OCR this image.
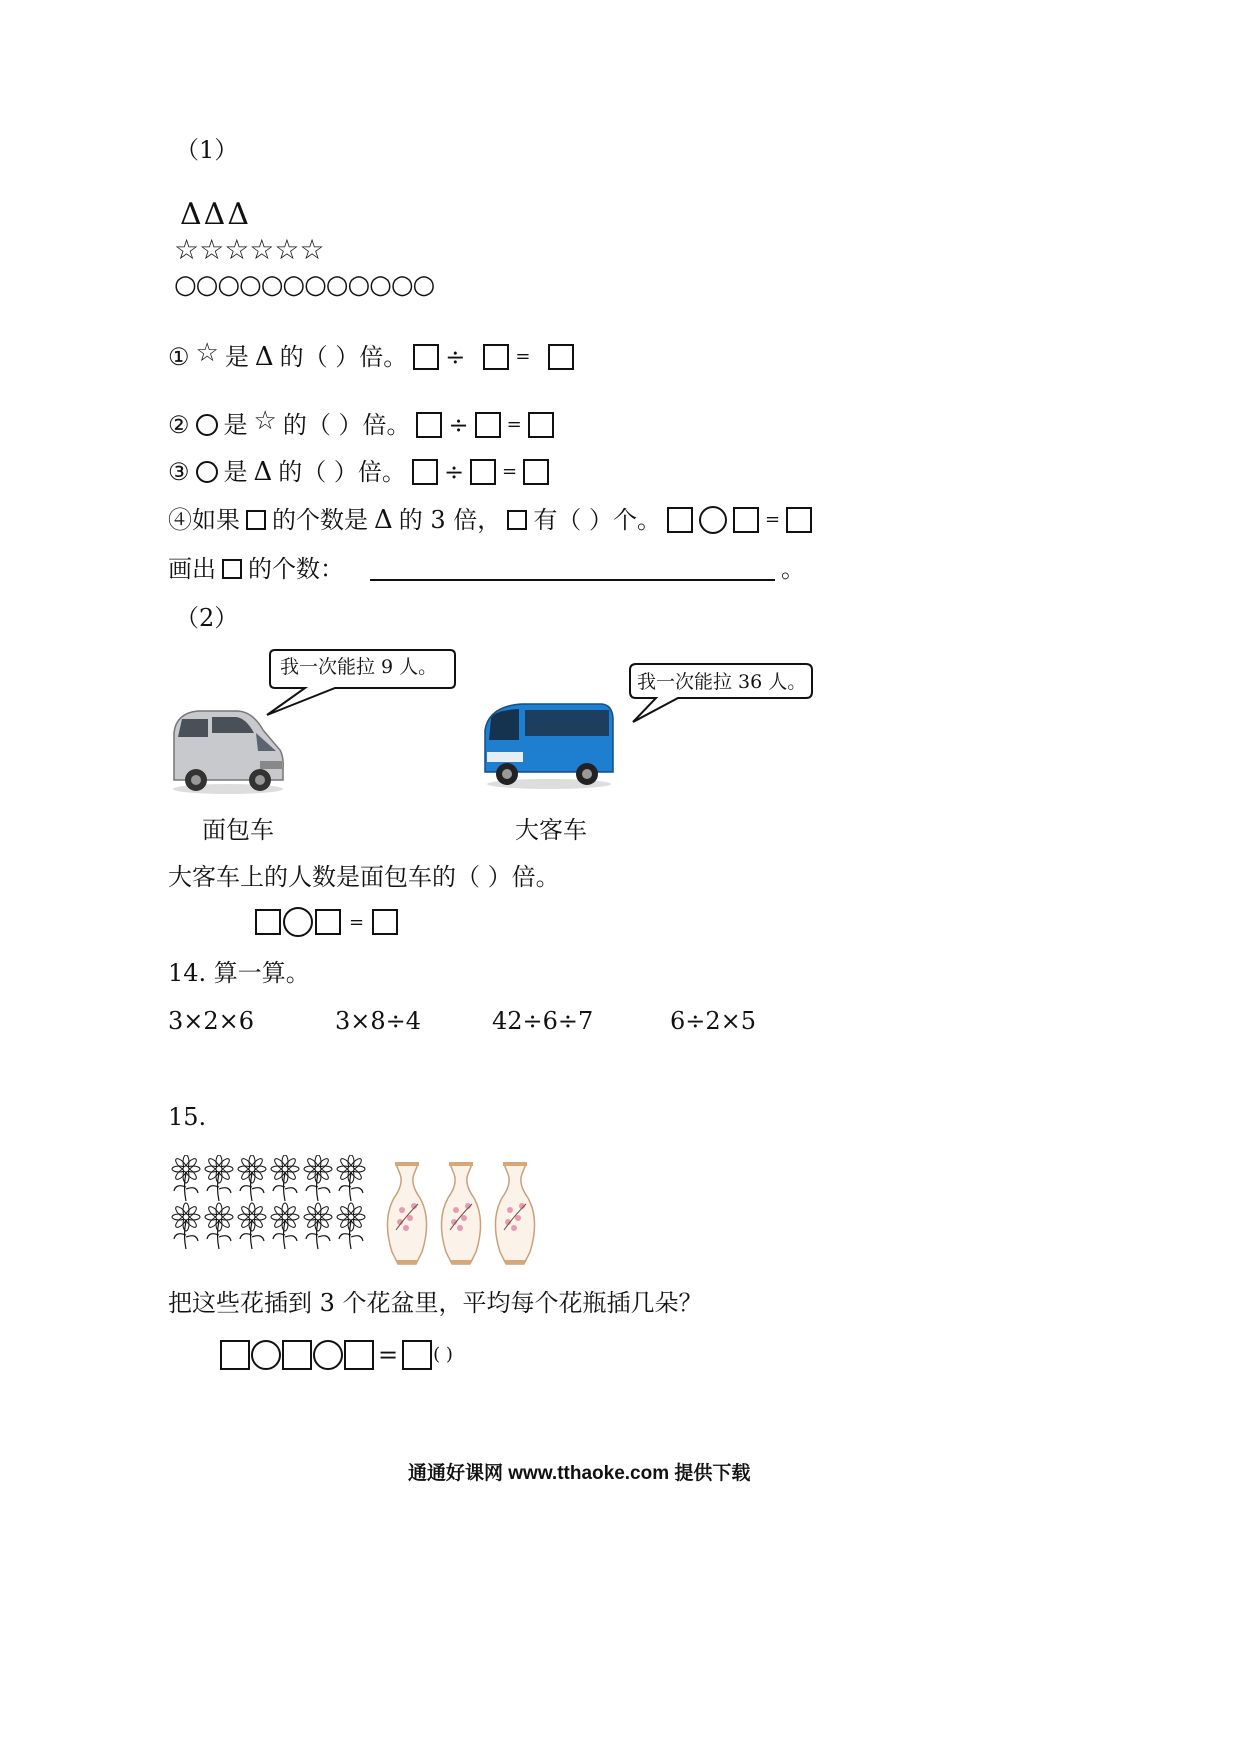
（1）
ΔΔΔ
☆☆☆☆☆☆
○○○○○○○○○○○○
① ☆ 是 Δ 的（ ）倍。 ÷	=
② 是 ☆ 的（ ）倍。 ÷ =
③ 是 Δ 的（ ）倍。 ÷ =
④如果 的个数是 Δ 的 3 倍， 有（ ）个。	=
画出 的个数：	。
（2）
我一次能拉 9 人。
我一次能拉 36 人。
面包车	大客车
大客车上的人数是面包车的（ ）倍。
=
14. 算一算。
3×2×6	3×8÷4	42÷6÷7	6÷2×5
15.
把这些花插到 3 个花盆里，平均每个花瓶插几朵？
= ( )
通通好课网 www.tthaoke.com 提供下载
